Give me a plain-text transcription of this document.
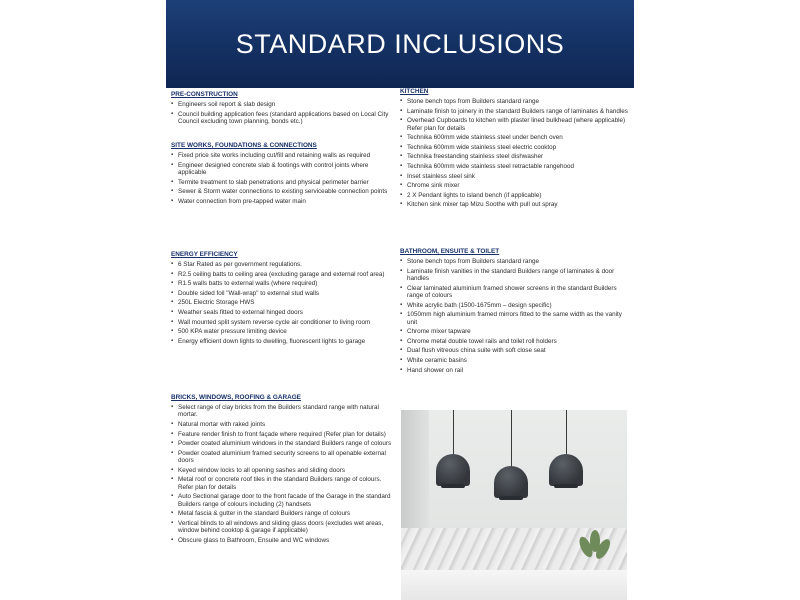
STANDARD INCLUSIONS
PRE-CONSTRUCTION
▪ Engineers soil report & slab design
▪ Council building application fees (standard applications based on Local City Council excluding town planning, bonds etc.)
SITE WORKS, FOUNDATIONS & CONNECTIONS
▪ Fixed price site works including cut/fill and retaining walls as required
▪ Engineer designed concrete slab & footings with control joints where applicable
▪ Termite treatment to slab penetrations and physical perimeter barrier
▪ Sewer & Storm water connections to existing serviceable connection points
▪ Water connection from pre-tapped water main
ENERGY EFFICIENCY
▪ 6 Star Rated as per government regulations.
▪ R2.5 ceiling batts to ceiling area (excluding garage and external roof area)
▪ R1.5 walls batts to external walls (where required)
▪ Double sided foil "Wall-wrap" to external stud walls
▪ 250L Electric Storage HWS
▪ Weather seals fitted to external hinged doors
▪ Wall mounted split system reverse cycle air conditioner to living room
▪ 500 KPA water pressure limiting device
▪ Energy efficient down lights to dwelling, fluorescent lights to garage
BRICKS, WINDOWS, ROOFING & GARAGE
▪ Select range of clay bricks from the Builders standard range with natural mortar.
▪ Natural mortar with raked joints
▪ Feature render finish to front façade where required (Refer plan for details)
▪ Powder coated aluminium windows in the standard Builders range of colours
▪ Powder coated aluminium framed security screens to all openable external doors
▪ Keyed window locks to all opening sashes and sliding doors
▪ Metal roof or concrete roof tiles in the standard Builders range of colours. Refer plan for details
▪ Auto Sectional garage door to the front facade of the Garage in the standard Builders range of colours including (2) handsets
▪ Metal fascia & gutter in the standard Builders range of colours
▪ Vertical blinds to all windows and sliding glass doors (excludes wet areas, window behind cooktop & garage if applicable)
▪ Obscure glass to Bathroom, Ensuite and WC windows
KITCHEN
▪ Stone bench tops from Builders standard range
▪ Laminate finish to joinery in the standard Builders range of laminates & handles
▪ Overhead Cupboards to kitchen with plaster lined bulkhead (where applicable) Refer plan for details
▪ Technika 600mm wide stainless steel under bench oven
▪ Technika 600mm wide stainless steel electric cooktop
▪ Technika freestanding stainless steel dishwasher
▪ Technika 600mm wide stainless steel retractable rangehood
▪ Inset stainless steel sink
▪ Chrome sink mixer
▪ 2 X Pendant lights to island bench (if applicable)
▪ Kitchen sink mixer tap Mizu Soothe with pull out spray
BATHROOM, ENSUITE & TOILET
▪ Stone bench tops from Builders standard range
▪ Laminate finish vanities in the standard Builders range of laminates & door handles
▪ Clear laminated aluminium framed shower screens in the standard Builders range of colours
▪ White acrylic bath (1500-1675mm – design specific)
▪ 1050mm high aluminium framed mirrors fitted to the same width as the vanity unit
▪ Chrome mixer tapware
▪ Chrome metal double towel rails and toilet roll holders
▪ Dual flush vitreous china suite with soft close seat
▪ White ceramic basins
▪ Hand shower on rail
